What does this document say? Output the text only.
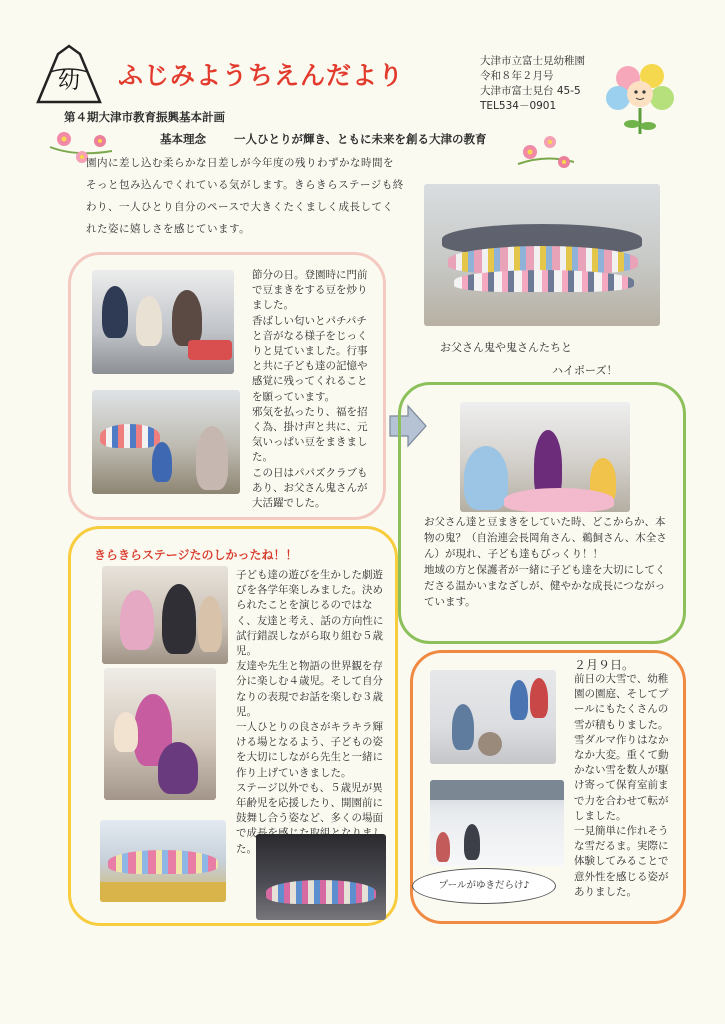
幼 ふじみようちえんだより	大津市立富士見幼稚園
令和８年２月号
大津市富士見台 45-5
TEL534－0901
第４期大津市教育振興基本計画
基本理念 一人ひとりが輝き、ともに未来を創る大津の教育
園内に差し込む柔らかな日差しが今年度の残りわずかな時間をそっと包み込んでくれている気がします。きらきらステージも終わり、一人ひとり自分のペースで大きくたくましく成長してくれた姿に嬉しさを感じています。
お父さん鬼や鬼さんたちと
ハイポーズ！
節分の日。登園時に門前で豆まきをする豆を炒りました。
香ばしい匂いとパチパチと音がなる様子をじっくりと見ていました。行事と共に子ども達の記憶や感覚に残ってくれることを願っています。
邪気を払ったり、福を招く為、掛け声と共に、元気いっぱい豆をまきました。
この日はパパズクラブもあり、お父さん鬼さんが大活躍でした。
お父さん達と豆まきをしていた時、どこからか、本物の鬼？（自治連会長岡角さん、鵜飼さん、木全さん）が現れ、子ども達もびっくり！！
地域の方と保護者が一緒に子ども達を大切にしてくださる温かいまなざしが、健やかな成長につながっています。
きらきらステージたのしかったね！！
子ども達の遊びを生かした劇遊びを各学年楽しみました。決められたことを演じるのではなく、友達と考え、話の方向性に試行錯誤しながら取り組む５歳児。
友達や先生と物語の世界観を存分に楽しむ４歳児。そして自分なりの表現でお話を楽しむ３歳児。
一人ひとりの良さがキラキラ輝ける場となるよう、子どもの姿を大切にしながら先生と一緒に作り上げていきました。
ステージ以外でも、５歳児が異年齢児を応援したり、開園前に鼓舞し合う姿など、多くの場面で成長を感じた取組となりました。
２月９日。
プールがゆきだらけ♪
前日の大雪で、幼稚園の園庭、そしてプールにもたくさんの雪が積もりました。
雪ダルマ作りはなかなか大変。重くて動かない雪を数人が駆け寄って保育室前まで力を合わせて転がしました。
一見簡単に作れそうな雪だるま。実際に体験してみることで意外性を感じる姿がありました。
